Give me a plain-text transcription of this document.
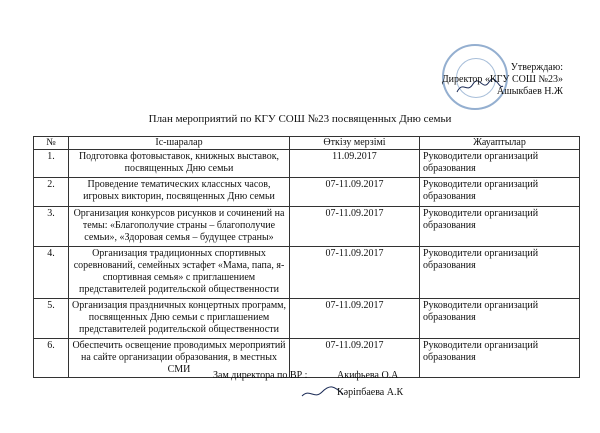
Утверждаю:
Директор «КГУ СОШ №23»
Ашыкбаев Н.Ж
План мероприятий по КГУ СОШ №23 посвященных Дню семьи
№	Іс-шаралар	Өткізу мерзімі	Жауаптылар
1.	Подготовка фотовыставок, книжных выставок, посвященных Дню семьи	11.09.2017	Руководители организаций образования
2.	Проведение тематических классных часов, игровых викторин, посвященных Дню семьи	07-11.09.2017	Руководители организаций образования
3.	Организация конкурсов рисунков и сочинений на темы: «Благополучие страны – благополучие семьи», «Здоровая семья – будущее страны»	07-11.09.2017	Руководители организаций образования
4.	Организация традиционных спортивных соревнований, семейных эстафет «Мама, папа, я- спортивная семья» с приглашением представителей родительской общественности	07-11.09.2017	Руководители организаций образования
5.	Организация праздничных концертных программ, посвященных Дню семьи с приглашением представителей родительской общественности	07-11.09.2017	Руководители организаций образования
6.	Обеспечить освещение проводимых мероприятий на сайте организации образования, в местных СМИ	07-11.09.2017	Руководители организаций образования
Зам директора по ВР :	Акифьева О.А
Кәріпбаева А.К
